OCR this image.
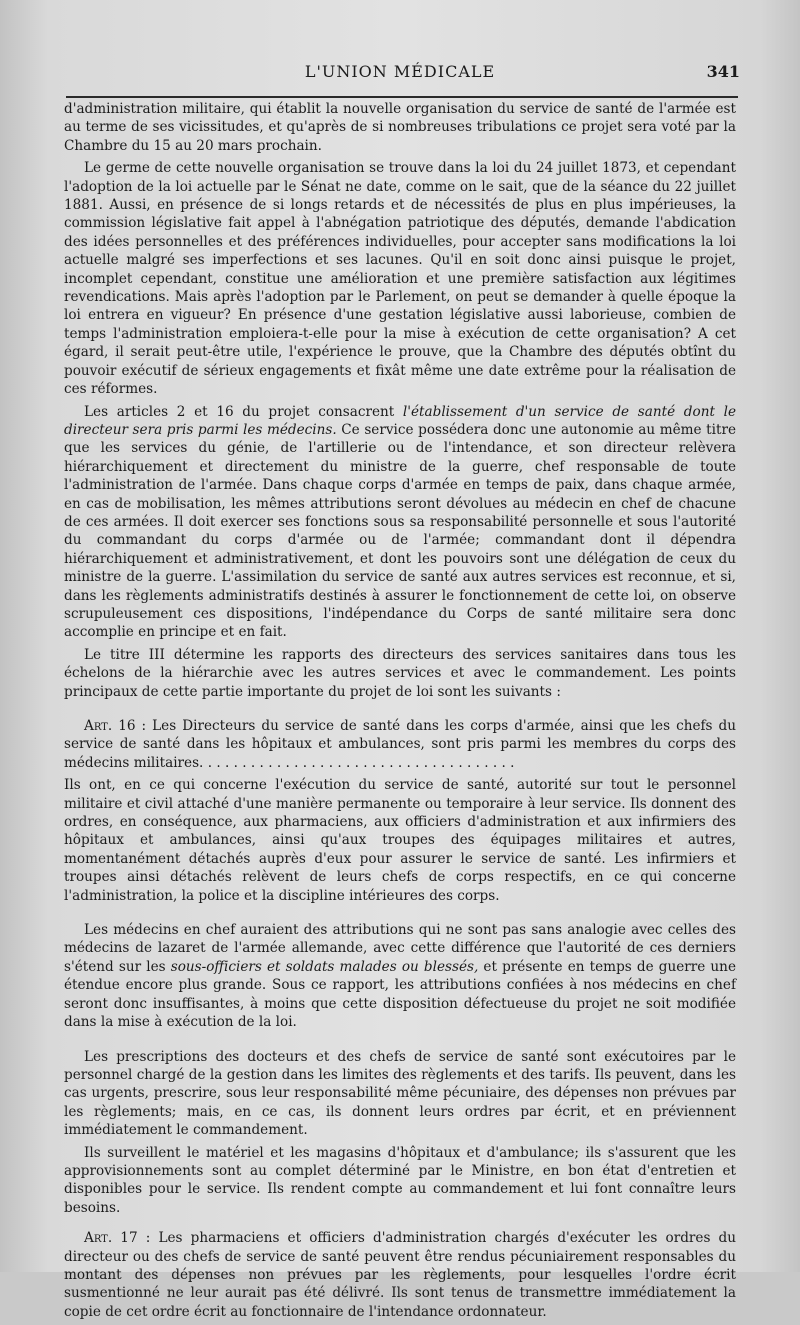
L'UNION MÉDICALE	341

d'administration militaire, qui établit la nouvelle organisation du service de santé de l'armée est au terme de ses vicissitudes, et qu'après de si nombreuses tribulations ce projet sera voté par la Chambre du 15 au 20 mars prochain.

Le germe de cette nouvelle organisation se trouve dans la loi du 24 juillet 1873, et cependant l'adoption de la loi actuelle par le Sénat ne date, comme on le sait, que de la séance du 22 juillet 1881. Aussi, en présence de si longs retards et de nécessités de plus en plus impérieuses, la commission législative fait appel à l'abnégation patriotique des députés, demande l'abdication des idées personnelles et des préférences individuelles, pour accepter sans modifications la loi actuelle malgré ses imperfections et ses lacunes. Qu'il en soit donc ainsi puisque le projet, incomplet cependant, constitue une amélioration et une première satisfaction aux légitimes revendications. Mais après l'adoption par le Parlement, on peut se demander à quelle époque la loi entrera en vigueur? En présence d'une gestation législative aussi laborieuse, combien de temps l'administration emploiera-t-elle pour la mise à exécution de cette organisation? A cet égard, il serait peut-être utile, l'expérience le prouve, que la Chambre des députés obtînt du pouvoir exécutif de sérieux engagements et fixât même une date extrême pour la réalisation de ces réformes.

Les articles 2 et 16 du projet consacrent l'établissement d'un service de santé dont le directeur sera pris parmi les médecins. Ce service possédera donc une autonomie au même titre que les services du génie, de l'artillerie ou de l'intendance, et son directeur relèvera hiérarchiquement et directement du ministre de la guerre, chef responsable de toute l'administration de l'armée. Dans chaque corps d'armée en temps de paix, dans chaque armée, en cas de mobilisation, les mêmes attributions seront dévolues au médecin en chef de chacune de ces armées. Il doit exercer ses fonctions sous sa responsabilité personnelle et sous l'autorité du commandant du corps d'armée ou de l'armée; commandant dont il dépendra hiérarchiquement et administrativement, et dont les pouvoirs sont une délégation de ceux du ministre de la guerre. L'assimilation du service de santé aux autres services est reconnue, et si, dans les règlements administratifs destinés à assurer le fonctionnement de cette loi, on observe scrupuleusement ces dispositions, l'indépendance du Corps de santé militaire sera donc accomplie en principe et en fait.

Le titre III détermine les rapports des directeurs des services sanitaires dans tous les échelons de la hiérarchie avec les autres services et avec le commandement. Les points principaux de cette partie importante du projet de loi sont les suivants :

Art. 16 : Les Directeurs du service de santé dans les corps d'armée, ainsi que les chefs du service de santé dans les hôpitaux et ambulances, sont pris parmi les membres du corps des médecins militaires. . . . . . . . . . . . . . . . . . . . . . . . . . . . . . . . . . . . .

Ils ont, en ce qui concerne l'exécution du service de santé, autorité sur tout le personnel militaire et civil attaché d'une manière permanente ou temporaire à leur service. Ils donnent des ordres, en conséquence, aux pharmaciens, aux officiers d'administration et aux infirmiers des hôpitaux et ambulances, ainsi qu'aux troupes des équipages militaires et autres, momentanément détachés auprès d'eux pour assurer le service de santé. Les infirmiers et troupes ainsi détachés relèvent de leurs chefs de corps respectifs, en ce qui concerne l'administration, la police et la discipline intérieures des corps.

Les médecins en chef auraient des attributions qui ne sont pas sans analogie avec celles des médecins de lazaret de l'armée allemande, avec cette différence que l'autorité de ces derniers s'étend sur les sous-officiers et soldats malades ou blessés, et présente en temps de guerre une étendue encore plus grande. Sous ce rapport, les attributions confiées à nos médecins en chef seront donc insuffisantes, à moins que cette disposition défectueuse du projet ne soit modifiée dans la mise à exécution de la loi.

Les prescriptions des docteurs et des chefs de service de santé sont exécutoires par le personnel chargé de la gestion dans les limites des règlements et des tarifs. Ils peuvent, dans les cas urgents, prescrire, sous leur responsabilité même pécuniaire, des dépenses non prévues par les règlements; mais, en ce cas, ils donnent leurs ordres par écrit, et en préviennent immédiatement le commandement.

Ils surveillent le matériel et les magasins d'hôpitaux et d'ambulance; ils s'assurent que les approvisionnements sont au complet déterminé par le Ministre, en bon état d'entretien et disponibles pour le service. Ils rendent compte au commandement et lui font connaître leurs besoins.

Art. 17 : Les pharmaciens et officiers d'administration chargés d'exécuter les ordres du directeur ou des chefs de service de santé peuvent être rendus pécuniairement responsables du montant des dépenses non prévues par les règlements, pour lesquelles l'ordre écrit susmentionné ne leur aurait pas été délivré. Ils sont tenus de transmettre immédiatement la copie de cet ordre écrit au fonctionnaire de l'intendance ordonnateur.
